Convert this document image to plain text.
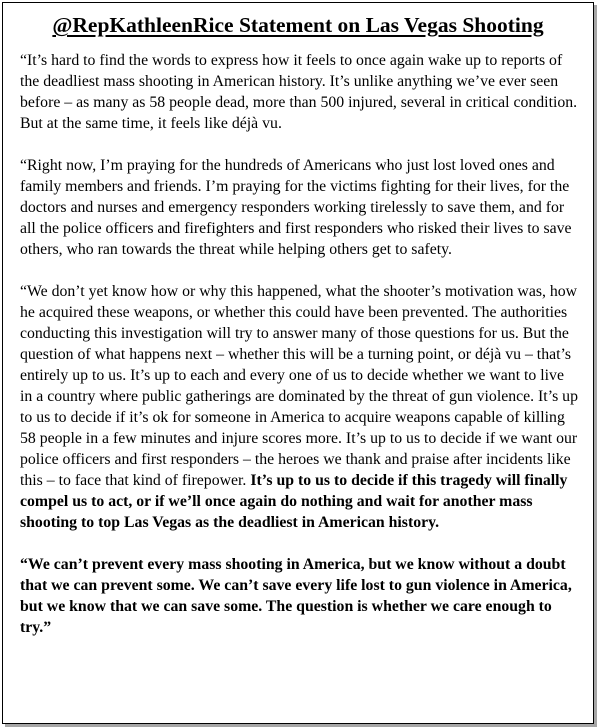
@RepKathleenRice Statement on Las Vegas Shooting

“It’s hard to find the words to express how it feels to once again wake up to reports of the deadliest mass shooting in American history. It’s unlike anything we’ve ever seen before – as many as 58 people dead, more than 500 injured, several in critical condition. But at the same time, it feels like déjà vu.

“Right now, I’m praying for the hundreds of Americans who just lost loved ones and family members and friends. I’m praying for the victims fighting for their lives, for the doctors and nurses and emergency responders working tirelessly to save them, and for all the police officers and firefighters and first responders who risked their lives to save others, who ran towards the threat while helping others get to safety.

“We don’t yet know how or why this happened, what the shooter’s motivation was, how he acquired these weapons, or whether this could have been prevented. The authorities conducting this investigation will try to answer many of those questions for us. But the question of what happens next – whether this will be a turning point, or déjà vu – that’s entirely up to us. It’s up to each and every one of us to decide whether we want to live in a country where public gatherings are dominated by the threat of gun violence. It’s up to us to decide if it’s ok for someone in America to acquire weapons capable of killing 58 people in a few minutes and injure scores more. It’s up to us to decide if we want our police officers and first responders – the heroes we thank and praise after incidents like this – to face that kind of firepower. It’s up to us to decide if this tragedy will finally compel us to act, or if we’ll once again do nothing and wait for another mass shooting to top Las Vegas as the deadliest in American history.

“We can’t prevent every mass shooting in America, but we know without a doubt that we can prevent some. We can’t save every life lost to gun violence in America, but we know that we can save some. The question is whether we care enough to try.”
